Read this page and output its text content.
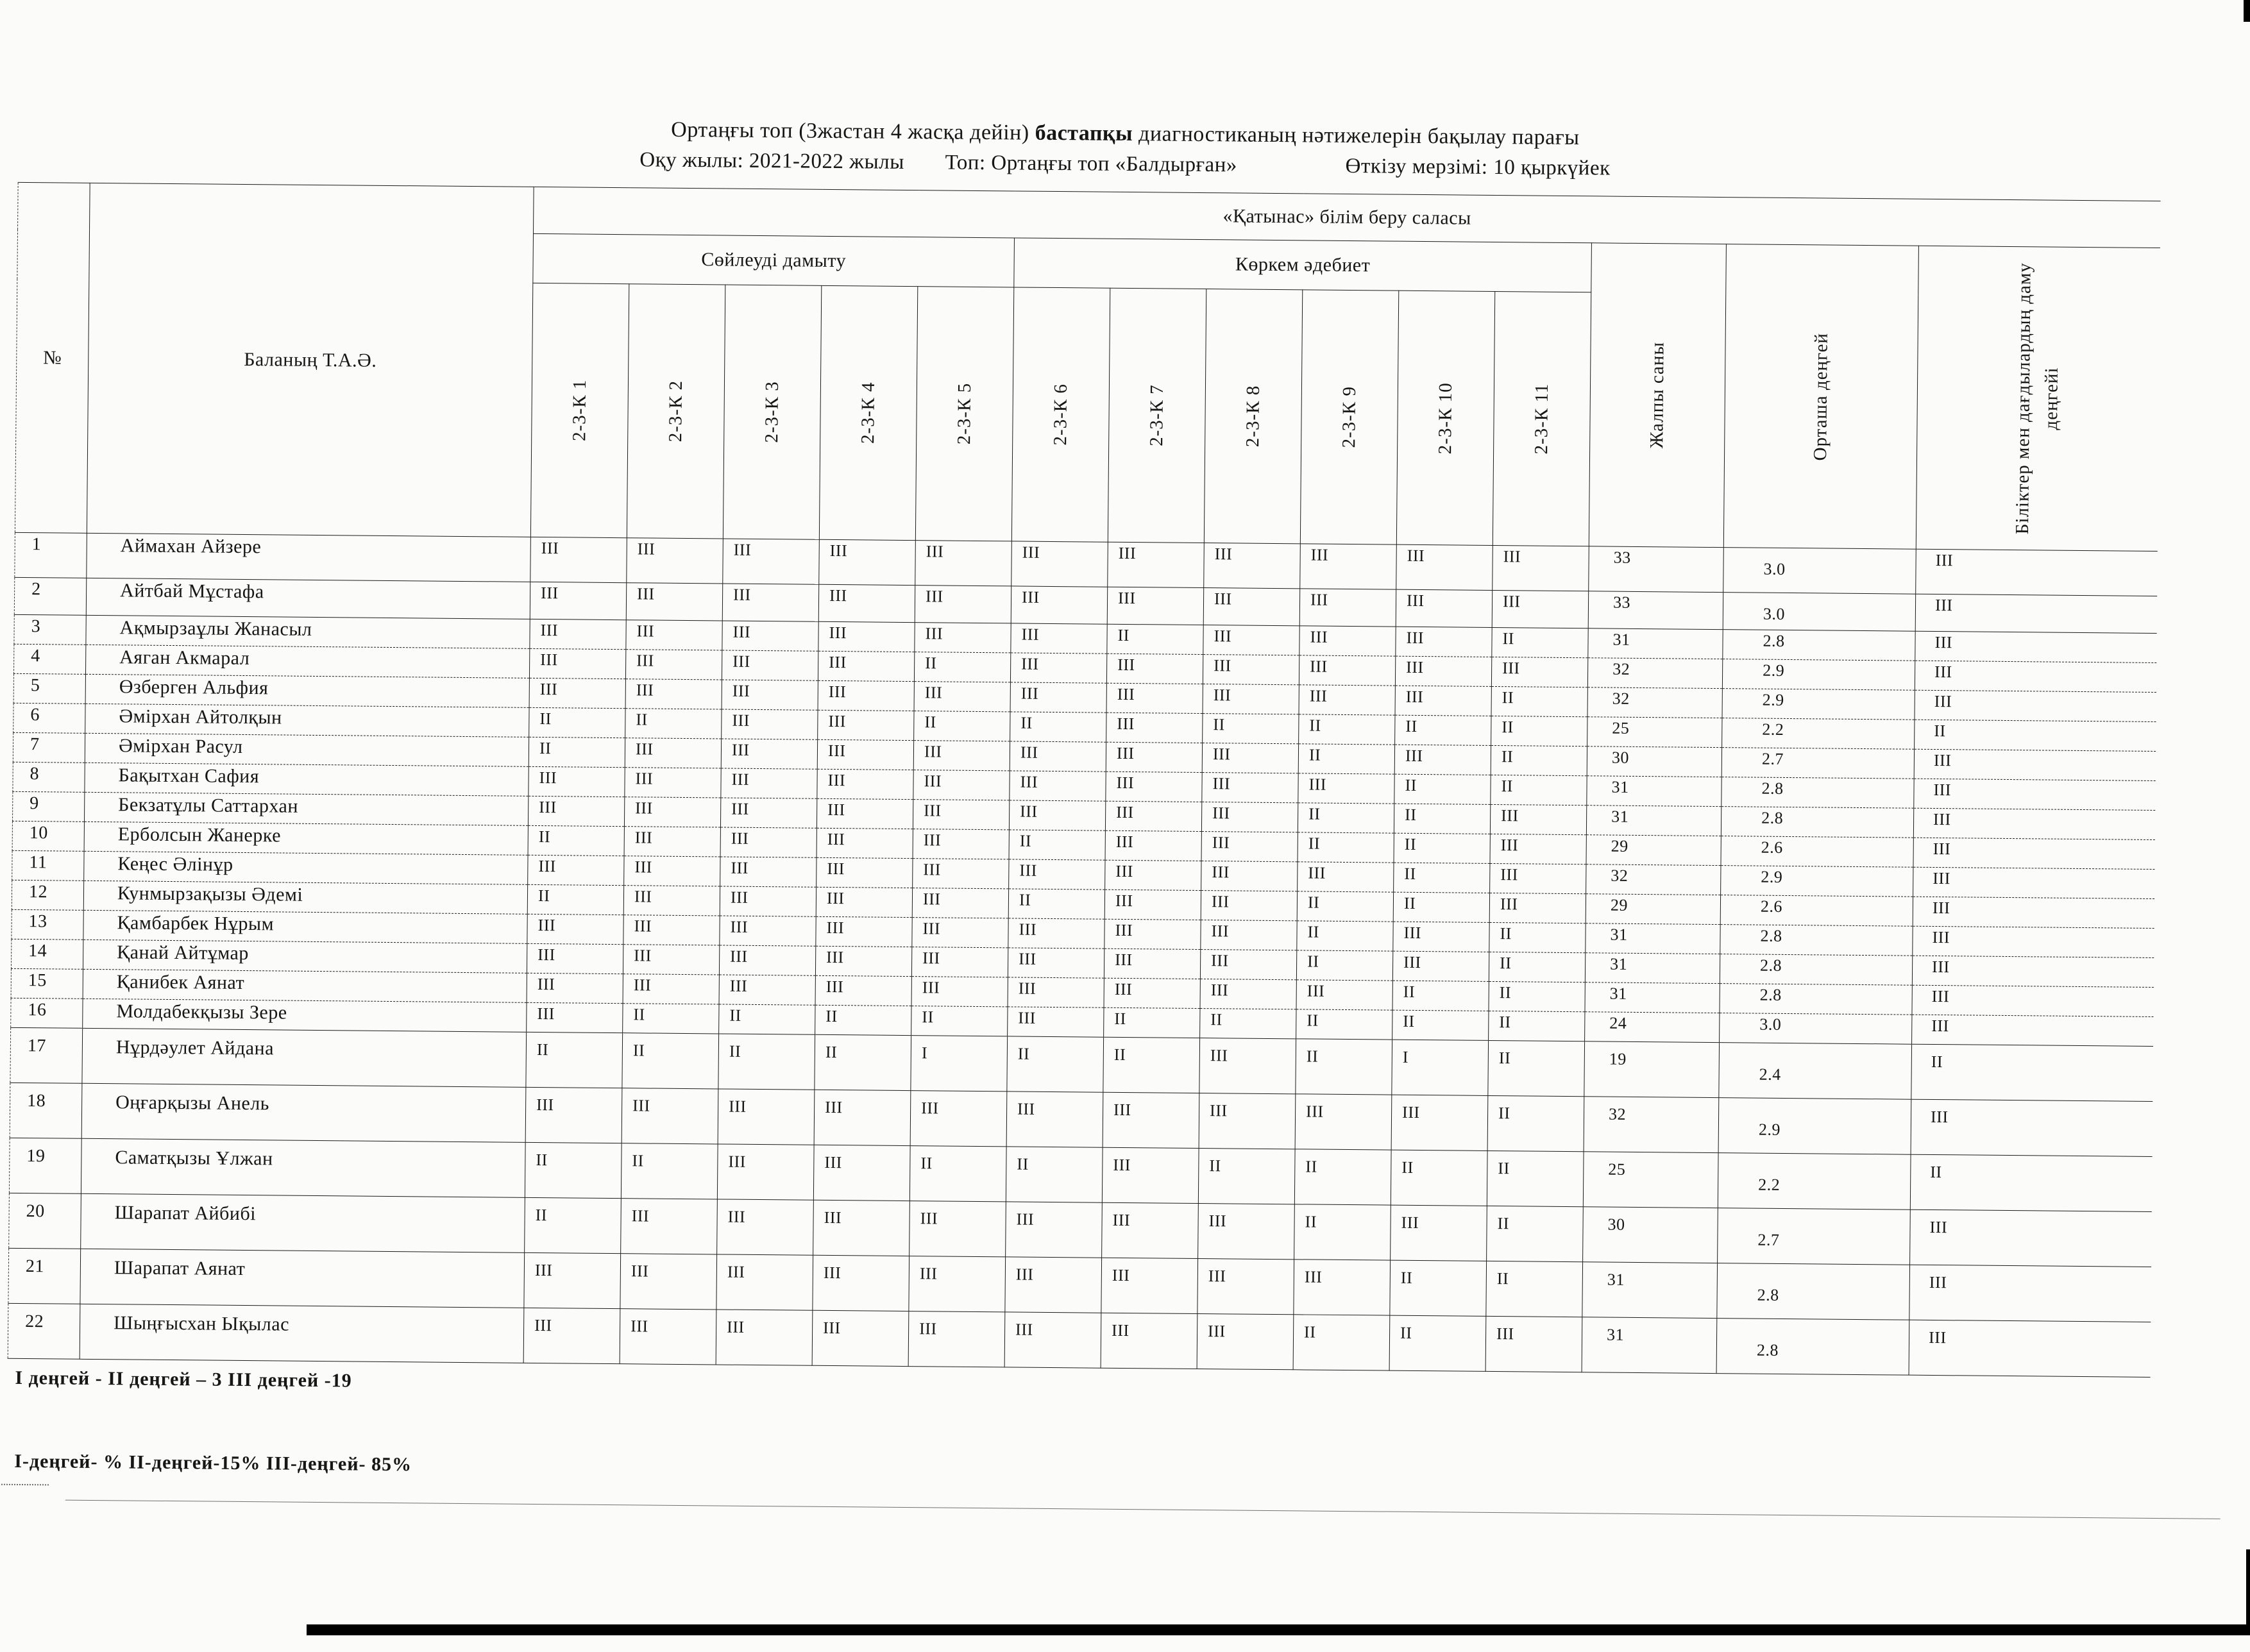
Ортаңғы топ (3жастан 4 жасқа дейін) бастапқы диагностиканың нәтижелерін бақылау парағы
Оқу жылы: 2021-2022 жылы Топ: Ортаңғы топ «Балдырған»	Өткізу мерзімі: 10 қыркүйек
№	Баланың Т.А.Ә.	«Қатынас» білім беру саласы													
		Сөйлеуді дамыту					Көркем әдебиет						Жалпы саны	Орташа деңгей	Біліктер мен дағдылардың даму деңгейі

		2-3-К 1	2-3-К 2	2-3-К 3	2-3-К 4	2-3-К 5	2-3-К 6	2-3-К 7	2-3-К 8	2-3-К 9	2-3-К 10	2-3-К 11			

1	Аймахан Айзере	III	III	III	III	III	III	III	III	III	III	III	33	3.0	III
2	Айтбай Мұстафа	III	III	III	III	III	III	III	III	III	III	III	33	3.0	III
3	Ақмырзаұлы Жанасыл	III	III	III	III	III	III	II	III	III	III	II	31	2.8	III
4	Аяган Акмарал	III	III	III	III	II	III	III	III	III	III	III	32	2.9	III
5	Өзберген Альфия	III	III	III	III	III	III	III	III	III	III	II	32	2.9	III
6	Әмірхан Айтолқын	II	II	III	III	II	II	III	II	II	II	II	25	2.2	II
7	Әмірхан Расул	II	III	III	III	III	III	III	III	II	III	II	30	2.7	III
8	Бақытхан Сафия	III	III	III	III	III	III	III	III	III	II	II	31	2.8	III
9	Бекзатұлы Саттархан	III	III	III	III	III	III	III	III	II	II	III	31	2.8	III
10	Ерболсын Жанерке	II	III	III	III	III	II	III	III	II	II	III	29	2.6	III
11	Кеңес Әлінұр	III	III	III	III	III	III	III	III	III	II	III	32	2.9	III
12	Кунмырзақызы Әдемі	II	III	III	III	III	II	III	III	II	II	III	29	2.6	III
13	Қамбарбек Нұрым	III	III	III	III	III	III	III	III	II	III	II	31	2.8	III
14	Қанай Айтұмар	III	III	III	III	III	III	III	III	II	III	II	31	2.8	III
15	Қанибек Аянат	III	III	III	III	III	III	III	III	III	II	II	31	2.8	III
16	Молдабекқызы Зере	III	II	II	II	II	III	II	II	II	II	II	24	3.0	III
17	Нұрдәулет Айдана	II	II	II	II	I	II	II	III	II	I	II	19	2.4	II
18	Оңғарқызы Анель	III	III	III	III	III	III	III	III	III	III	II	32	2.9	III
19	Саматқызы Ұлжан	II	II	III	III	II	II	III	II	II	II	II	25	2.2	II
20	Шарапат Айбибі	II	III	III	III	III	III	III	III	II	III	II	30	2.7	III
21	Шарапат Аянат	III	III	III	III	III	III	III	III	III	II	II	31	2.8	III
22	Шыңғысхан Ықылас	III	III	III	III	III	III	III	III	II	II	III	31	2.8	III
І деңгей - ІІ деңгей – 3 ІІІ деңгей -19
І-деңгей- % ІІ-деңгей-15% ІІІ-деңгей- 85%
